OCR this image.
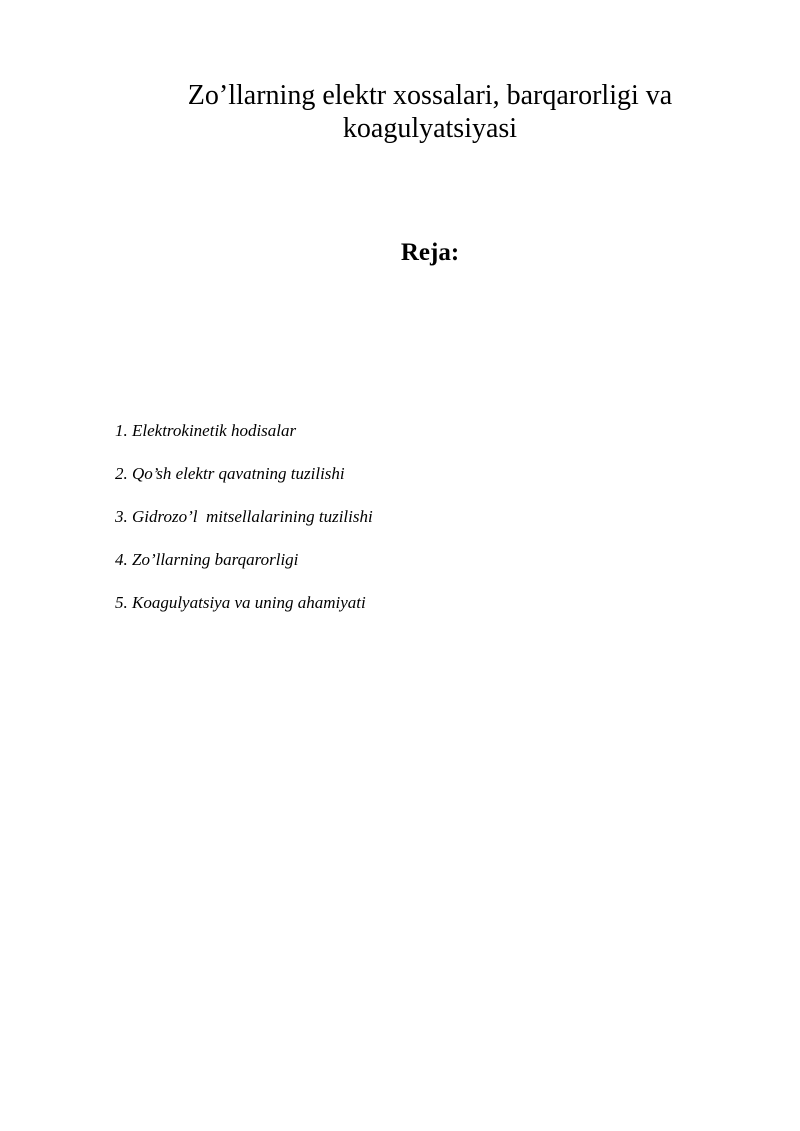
Zo’llarning elektr xossalari, barqarorligi va
koagulyatsiyasi
Reja:
1. Elektrokinetik hodisalar
2. Qo’sh elektr qavatning tuzilishi
3. Gidrozo’l  mitsellalarining tuzilishi
4. Zo’llarning barqarorligi
5. Koagulyatsiya va uning ahamiyati
